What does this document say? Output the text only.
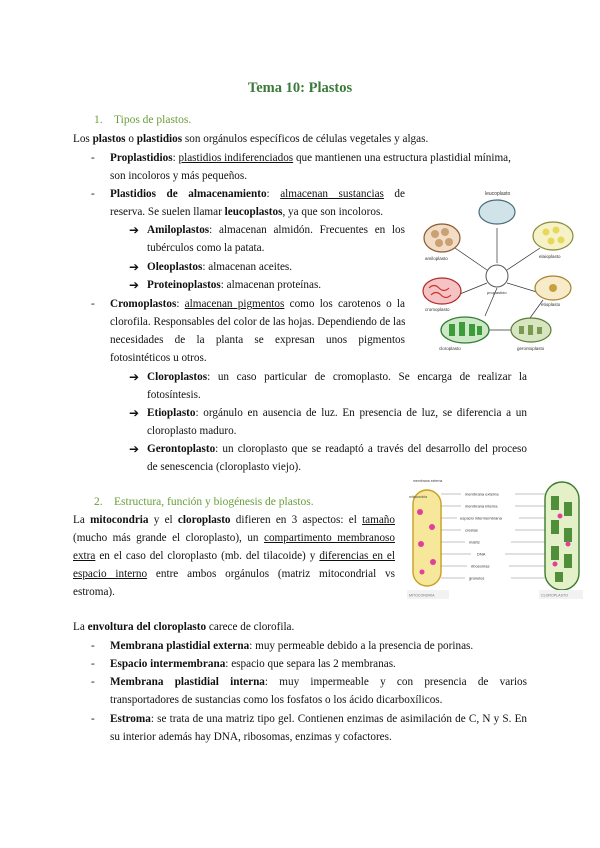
Tema 10: Plastos
1. Tipos de plastos.
Los plastos o plastidios son orgánulos específicos de células vegetales y algas.
- Proplastidios: plastidios indiferenciados que mantienen una estructura plastidial mínima,
son incoloros y más pequeños.
- Plastidios de almacenamiento: almacenan sustancias de
reserva. Se suelen llamar leucoplastos, ya que son incoloros.
➔ Amiloplastos: almacenan almidón. Frecuentes en los
tubérculos como la patata.
➔ Oleoplastos: almacenan aceites.
➔ Proteinoplastos: almacenan proteínas.
- Cromoplastos: almacenan pigmentos como los carotenos o la
clorofila. Responsables del color de las hojas. Dependiendo de las
necesidades de la planta se expresan unos pigmentos
fotosintéticos u otros.
➔ Cloroplastos: un caso particular de cromoplasto. Se encarga de realizar la
fotosíntesis.
➔ Etioplasto: orgánulo en ausencia de luz. En presencia de luz, se diferencia a un
cloroplasto maduro.
➔ Gerontoplasto: un cloroplasto que se readaptó a través del desarrollo del proceso
de senescencia (cloroplasto viejo).
2. Estructura, función y biogénesis de plastos.
La mitocondria y el cloroplasto difieren en 3 aspectos: el tamaño
(mucho más grande el cloroplasto), un compartimento membranoso
extra en el caso del cloroplasto (mb. del tilacoide) y diferencias en el
espacio interno entre ambos orgánulos (matriz mitocondrial vs
estroma).
La envoltura del cloroplasto carece de clorofila.
- Membrana plastidial externa: muy permeable debido a la presencia de porinas.
- Espacio intermembrana: espacio que separa las 2 membranas.
- Membrana plastidial interna: muy impermeable y con presencia de varios
transportadores de sustancias como los fosfatos o los ácido dicarboxílicos.
- Estroma: se trata de una matriz tipo gel. Contienen enzimas de asimilación de C, N y S. En
su interior además hay DNA, ribosomas, enzimas y cofactores.
leucoplasto
amiloplasto	elaioplasto
proplastido
cromoplasto
etioplasto
cloroplasto	gerontoplasto
membrana externa
mitocondria
membrana externa
membrana interna
espacio intermembrana
crestas
matriz
DNA
ribosomas
granulos
MITOCONDRIA	CLOROPLASTO
